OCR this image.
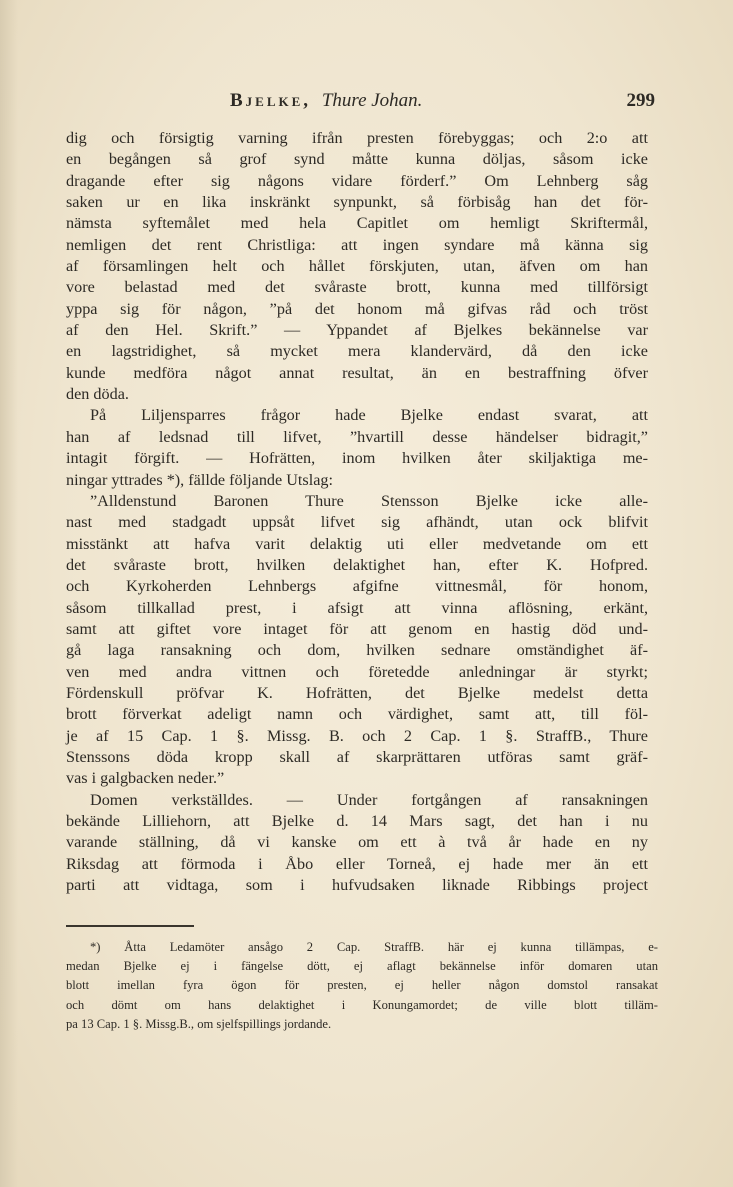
Bjelke, Thure Johan.	299
dig och försigtig varning ifrån presten förebyggas; och 2:o att
en begången så grof synd måtte kunna döljas, såsom icke
dragande efter sig någons vidare förderf.” Om Lehnberg såg
saken ur en lika inskränkt synpunkt, så förbisåg han det för-
nämsta syftemålet med hela Capitlet om hemligt Skriftermål,
nemligen det rent Christliga: att ingen syndare må känna sig
af församlingen helt och hållet förskjuten, utan, äfven om han
vore belastad med det svåraste brott, kunna med tillförsigt
yppa sig för någon, ”på det honom må gifvas råd och tröst
af den Hel. Skrift.” — Yppandet af Bjelkes bekännelse var
en lagstridighet, så mycket mera klandervärd, då den icke
kunde medföra något annat resultat, än en bestraffning öfver
den döda.
På Liljensparres frågor hade Bjelke endast svarat, att
han af ledsnad till lifvet, ”hvartill desse händelser bidragit,”
intagit förgift. — Hofrätten, inom hvilken åter skiljaktiga me-
ningar yttrades *), fällde följande Utslag:
”Alldenstund Baronen Thure Stensson Bjelke icke alle-
nast med stadgadt uppsåt lifvet sig afhändt, utan ock blifvit
misstänkt att hafva varit delaktig uti eller medvetande om ett
det svåraste brott, hvilken delaktighet han, efter K. Hofpred.
och Kyrkoherden Lehnbergs afgifne vittnesmål, för honom,
såsom tillkallad prest, i afsigt att vinna aflösning, erkänt,
samt att giftet vore intaget för att genom en hastig död und-
gå laga ransakning och dom, hvilken sednare omständighet äf-
ven med andra vittnen och företedde anledningar är styrkt;
Fördenskull pröfvar K. Hofrätten, det Bjelke medelst detta
brott förverkat adeligt namn och värdighet, samt att, till föl-
je af 15 Cap. 1 §. Missg. B. och 2 Cap. 1 §. StraffB., Thure
Stenssons döda kropp skall af skarprättaren utföras samt gräf-
vas i galgbacken neder.”
Domen verkställdes. — Under fortgången af ransakningen
bekände Lilliehorn, att Bjelke d. 14 Mars sagt, det han i nu
varande ställning, då vi kanske om ett à två år hade en ny
Riksdag att förmoda i Åbo eller Torneå, ej hade mer än ett
parti att vidtaga, som i hufvudsaken liknade Ribbings project
*) Åtta Ledamöter ansågo 2 Cap. StraffB. här ej kunna tillämpas, e-
medan Bjelke ej i fängelse dött, ej aflagt bekännelse inför domaren utan
blott imellan fyra ögon för presten, ej heller någon domstol ransakat
och dömt om hans delaktighet i Konungamordet; de ville blott tilläm-
pa 13 Cap. 1 §. Missg.B., om sjelfspillings jordande.
